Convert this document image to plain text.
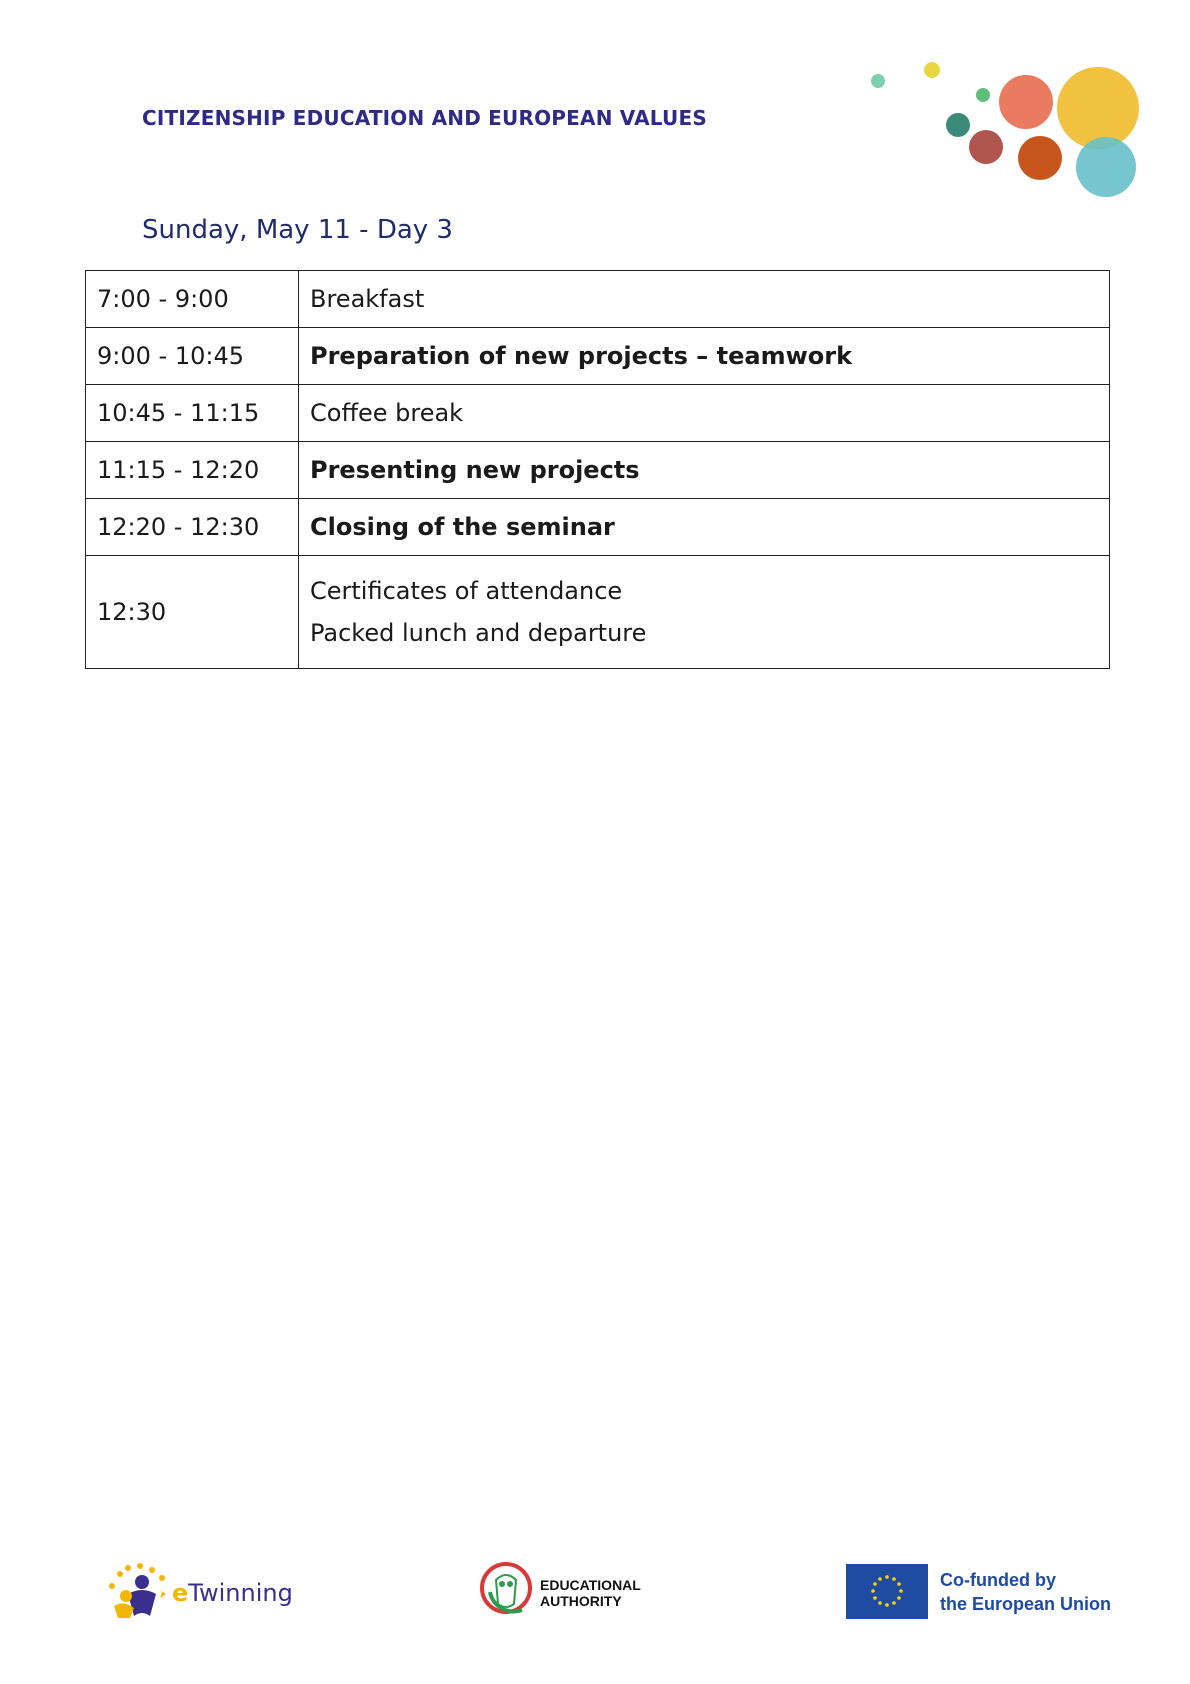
CITIZENSHIP EDUCATION AND EUROPEAN VALUES
Sunday, May 11 - Day 3
7:00 - 9:00	Breakfast
9:00 - 10:45	Preparation of new projects – teamwork
10:45 - 11:15	Coffee break
11:15 - 12:20	Presenting new projects
12:20 - 12:30	Closing of the seminar
12:30	Certificates of attendance
Packed lunch and departure
eTwinning	EDUCATIONAL
AUTHORITY
Co-funded by
the European Union
